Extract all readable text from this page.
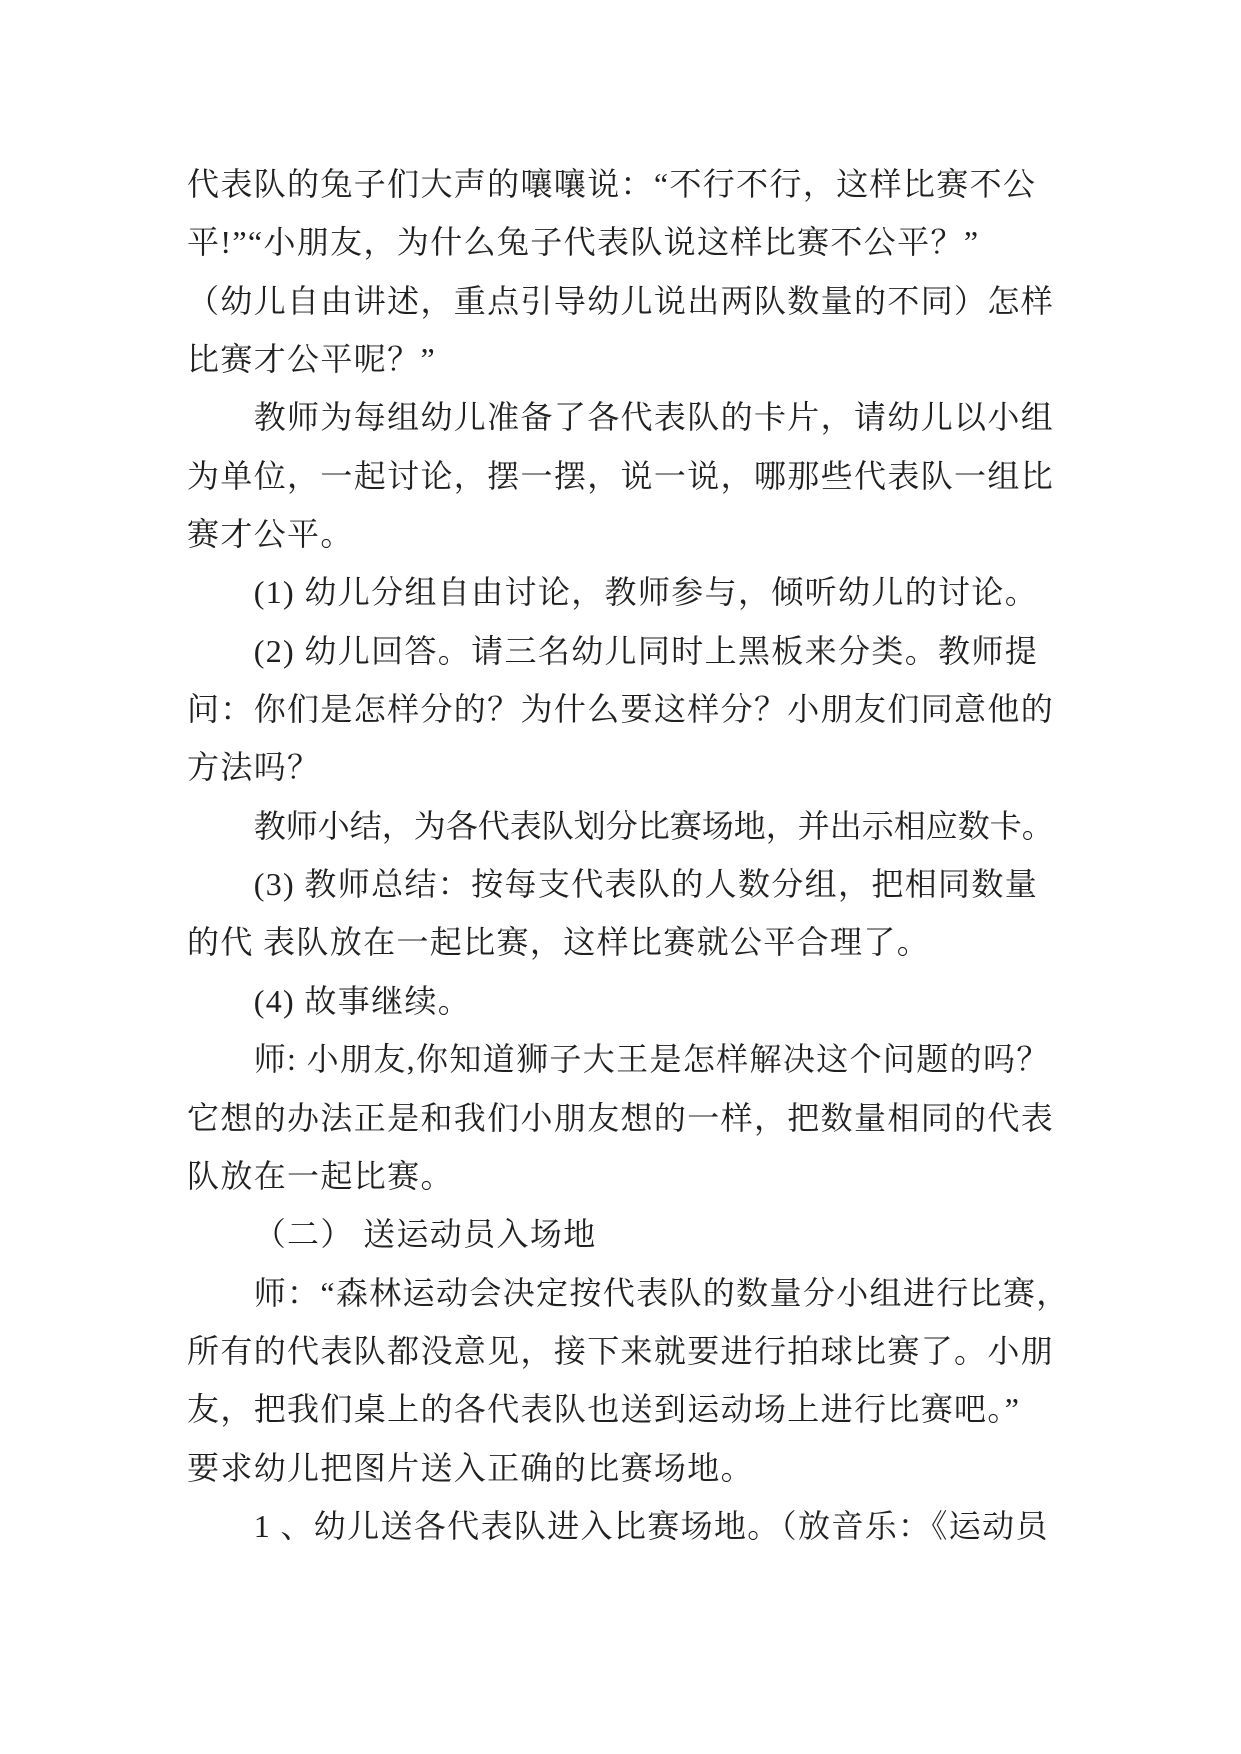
代表队的兔子们大声的嚷嚷说：“不行不行，这样比赛不公
平!”“小朋友，为什么兔子代表队说这样比赛不公平？”
（幼儿自由讲述，重点引导幼儿说出两队数量的不同）怎样
比赛才公平呢？”
教师为每组幼儿准备了各代表队的卡片，请幼儿以小组
为单位，一起讨论，摆一摆，说一说，哪那些代表队一组比
赛才公平。
(1) 幼儿分组自由讨论，教师参与，倾听幼儿的讨论。
(2) 幼儿回答。请三名幼儿同时上黑板来分类。教师提
问：你们是怎样分的？为什么要这样分？小朋友们同意他的
方法吗？
教师小结，为各代表队划分比赛场地，并出示相应数卡。
(3) 教师总结：按每支代表队的人数分组，把相同数量
的代 表队放在一起比赛，这样比赛就公平合理了。
(4) 故事继续。
师: 小朋友,你知道狮子大王是怎样解决这个问题的吗？
它想的办法正是和我们小朋友想的一样，把数量相同的代表
队放在一起比赛。
（二） 送运动员入场地
师：“森林运动会决定按代表队的数量分小组进行比赛，
所有的代表队都没意见，接下来就要进行拍球比赛了。小朋
友，把我们桌上的各代表队也送到运动场上进行比赛吧。”
要求幼儿把图片送入正确的比赛场地。
1 、幼儿送各代表队进入比赛场地。（放音乐：《运动员
